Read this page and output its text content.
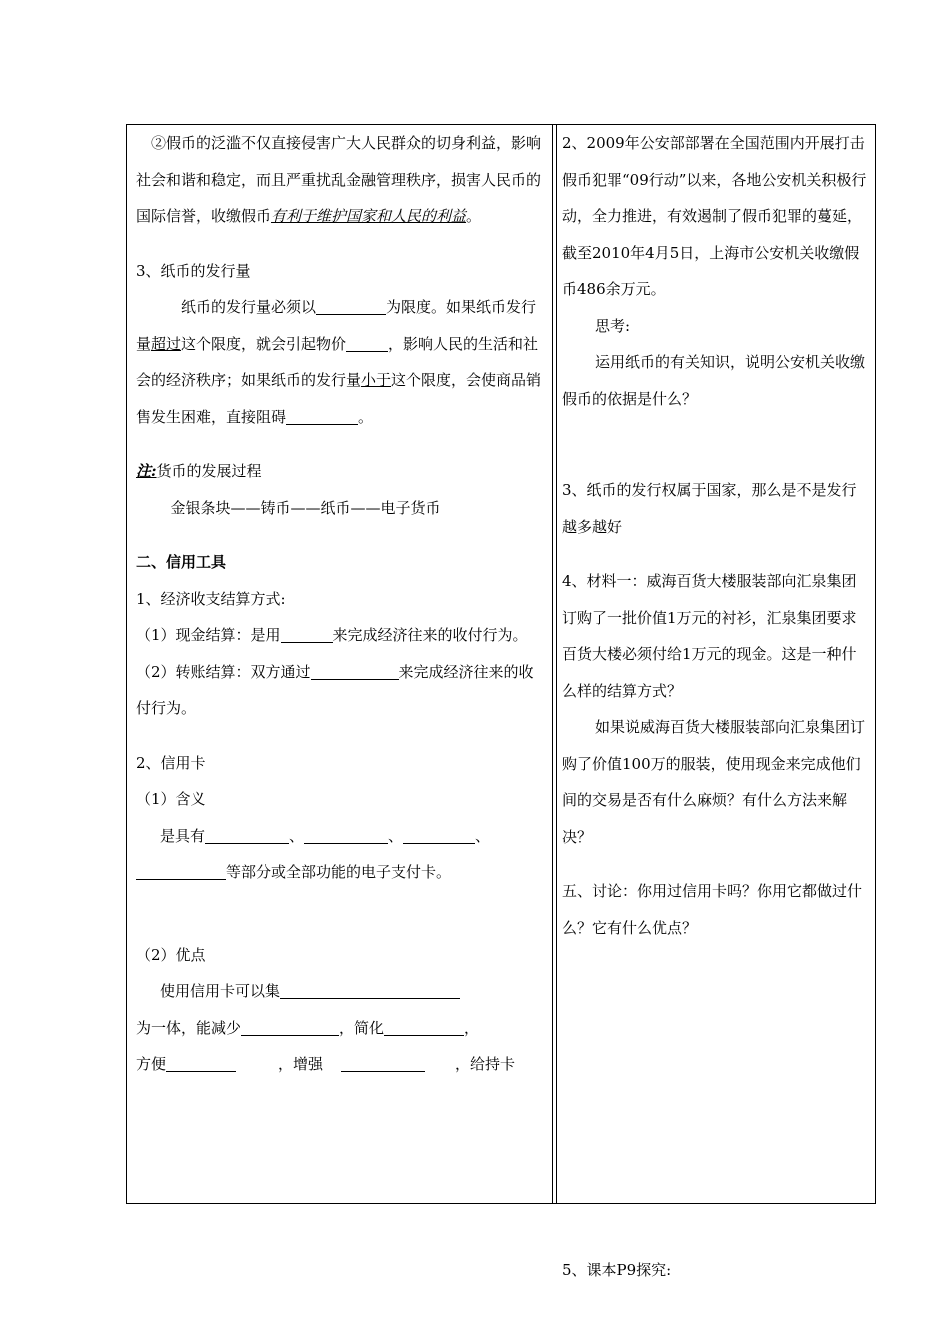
②假币的泛滥不仅直接侵害广大人民群众的切身利益，影响社会和谐和稳定，而且严重扰乱金融管理秩序，损害人民币的国际信誉，收缴假币有利于维护国家和人民的利益。

3、纸币的发行量

纸币的发行量必须以	为限度。如果纸币发行量超过这个限度，就会引起物价	，影响人民的生活和社会的经济秩序；如果纸币的发行量小于这个限度，会使商品销售发生困难，直接阻碍	。

注:货币的发展过程

金银条块——铸币——纸币——电子货币

二、信用工具

1、经济收支结算方式:

（1）现金结算：是用	来完成经济往来的收付行为。

（2）转账结算：双方通过	来完成经济往来的收付行为。

2、信用卡

（1）含义

是具有	、	、	、等部分或全部功能的电子支付卡。

（2）优点

使用信用卡可以集

为一体，能减少	，简化	，

方便	，增强	，给持卡

2、2009年公安部部署在全国范围内开展打击假币犯罪“09行动”以来，各地公安机关积极行动，全力推进，有效遏制了假币犯罪的蔓延，截至2010年4月5日，上海市公安机关收缴假币486余万元。

思考:

运用纸币的有关知识，说明公安机关收缴假币的依据是什么？

3、纸币的发行权属于国家，那么是不是发行越多越好

4、材料一：威海百货大楼服装部向汇泉集团订购了一批价值1万元的衬衫，汇泉集团要求百货大楼必须付给1万元的现金。这是一种什么样的结算方式？

如果说威海百货大楼服装部向汇泉集团订购了价值100万的服装，使用现金来完成他们间的交易是否有什么麻烦？有什么方法来解决？

五、讨论：你用过信用卡吗？你用它都做过什么？它有什么优点？

5、课本P9探究:
